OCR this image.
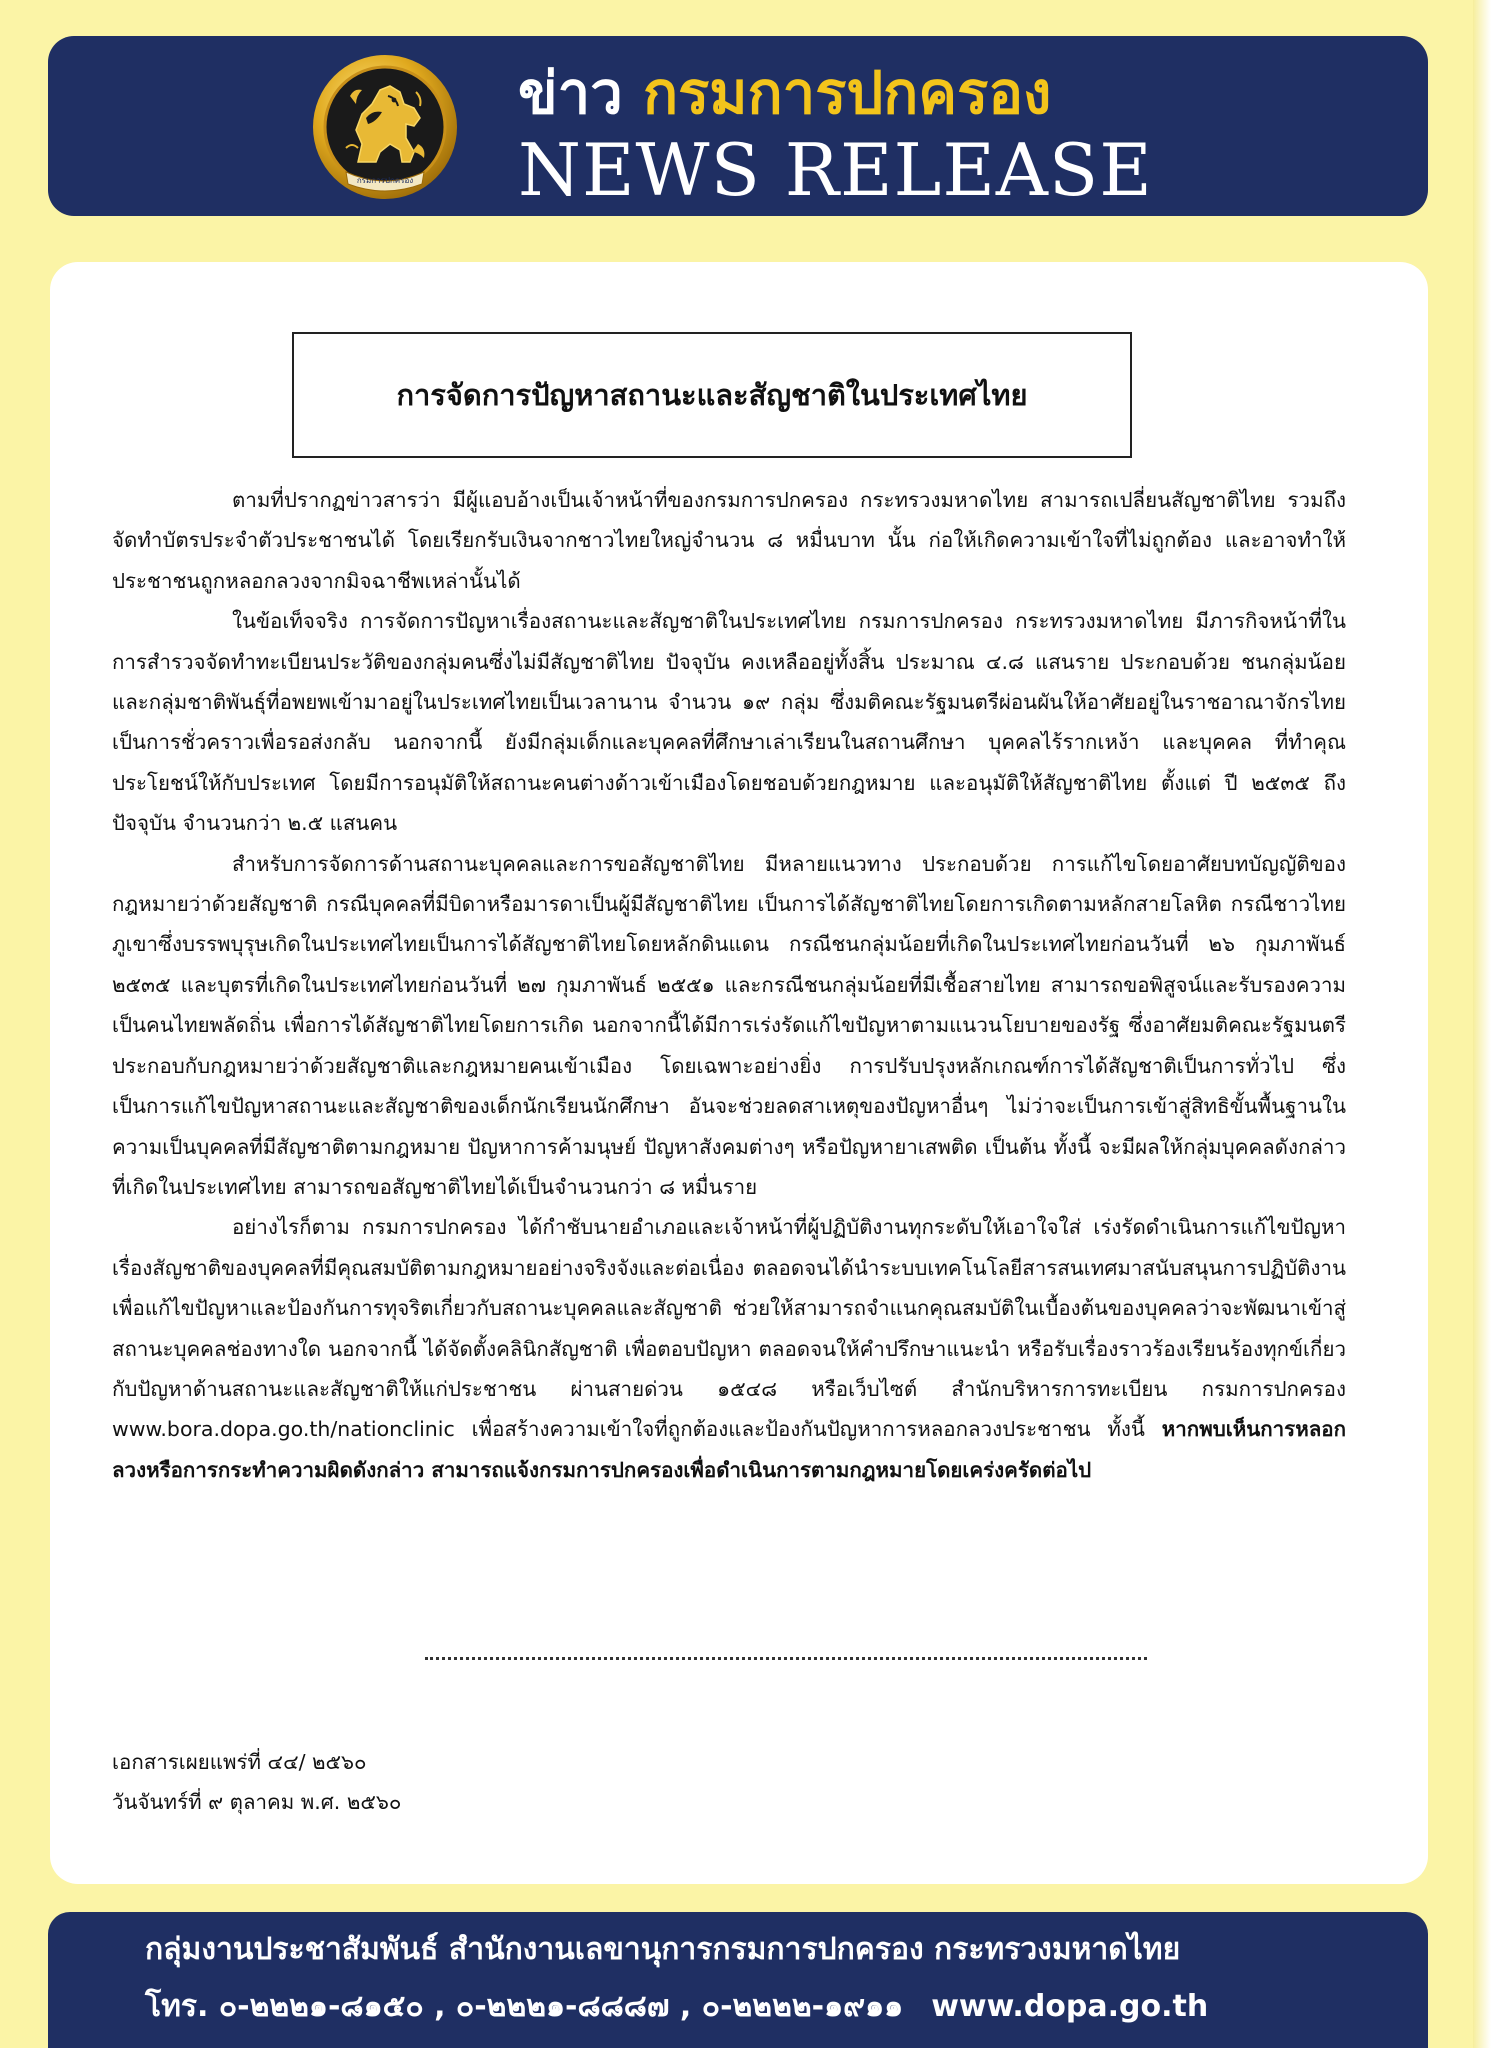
กรมการปกครอง
ข่าว กรมการปกครอง
NEWS RELEASE
การจัดการปัญหาสถานะและสัญชาติในประเทศไทย

ตามที่ปรากฏข่าวสารว่า มีผู้แอบอ้างเป็นเจ้าหน้าที่ของกรมการปกครอง กระทรวงมหาดไทย สามารถเปลี่ยนสัญชาติไทย รวมถึงจัดทำบัตรประจำตัวประชาชนได้ โดยเรียกรับเงินจากชาวไทยใหญ่จำนวน ๘ หมื่นบาท นั้น ก่อให้เกิดความเข้าใจที่ไม่ถูกต้อง และอาจทำให้ประชาชนถูกหลอกลวงจากมิจฉาชีพเหล่านั้นได้

ในข้อเท็จจริง การจัดการปัญหาเรื่องสถานะและสัญชาติในประเทศไทย กรมการปกครอง กระทรวงมหาดไทย มีภารกิจหน้าที่ในการสำรวจจัดทำทะเบียนประวัติของกลุ่มคนซึ่งไม่มีสัญชาติไทย ปัจจุบัน คงเหลืออยู่ทั้งสิ้น ประมาณ ๔.๘ แสนราย ประกอบด้วย ชนกลุ่มน้อยและกลุ่มชาติพันธุ์ที่อพยพเข้ามาอยู่ในประเทศไทยเป็นเวลานาน จำนวน ๑๙ กลุ่ม ซึ่งมติคณะรัฐมนตรีผ่อนผันให้อาศัยอยู่ในราชอาณาจักรไทยเป็นการชั่วคราวเพื่อรอส่งกลับ นอกจากนี้ ยังมีกลุ่มเด็กและบุคคลที่ศึกษาเล่าเรียนในสถานศึกษา บุคคลไร้รากเหง้า และบุคคล ที่ทำคุณประโยชน์ให้กับประเทศ โดยมีการอนุมัติให้สถานะคนต่างด้าวเข้าเมืองโดยชอบด้วยกฎหมาย และอนุมัติให้สัญชาติไทย ตั้งแต่ ปี ๒๕๓๕ ถึงปัจจุบัน จำนวนกว่า ๒.๕ แสนคน

สำหรับการจัดการด้านสถานะบุคคลและการขอสัญชาติไทย มีหลายแนวทาง ประกอบด้วย การแก้ไขโดยอาศัยบทบัญญัติของกฎหมายว่าด้วยสัญชาติ กรณีบุคคลที่มีบิดาหรือมารดาเป็นผู้มีสัญชาติไทย เป็นการได้สัญชาติไทยโดยการเกิดตามหลักสายโลหิต กรณีชาวไทยภูเขาซึ่งบรรพบุรุษเกิดในประเทศไทยเป็นการได้สัญชาติไทยโดยหลักดินแดน กรณีชนกลุ่มน้อยที่เกิดในประเทศไทยก่อนวันที่ ๒๖ กุมภาพันธ์ ๒๕๓๕ และบุตรที่เกิดในประเทศไทยก่อนวันที่ ๒๗ กุมภาพันธ์ ๒๕๕๑ และกรณีชนกลุ่มน้อยที่มีเชื้อสายไทย สามารถขอพิสูจน์และรับรองความเป็นคนไทยพลัดถิ่น เพื่อการได้สัญชาติไทยโดยการเกิด นอกจากนี้ได้มีการเร่งรัดแก้ไขปัญหาตามแนวนโยบายของรัฐ ซึ่งอาศัยมติคณะรัฐมนตรีประกอบกับกฎหมายว่าด้วยสัญชาติและกฎหมายคนเข้าเมือง โดยเฉพาะอย่างยิ่ง การปรับปรุงหลักเกณฑ์การได้สัญชาติเป็นการทั่วไป ซึ่งเป็นการแก้ไขปัญหาสถานะและสัญชาติของเด็กนักเรียนนักศึกษา อันจะช่วยลดสาเหตุของปัญหาอื่นๆ ไม่ว่าจะเป็นการเข้าสู่สิทธิขั้นพื้นฐานในความเป็นบุคคลที่มีสัญชาติตามกฎหมาย ปัญหาการค้ามนุษย์ ปัญหาสังคมต่างๆ หรือปัญหายาเสพติด เป็นต้น ทั้งนี้ จะมีผลให้กลุ่มบุคคลดังกล่าวที่เกิดในประเทศไทย สามารถขอสัญชาติไทยได้เป็นจำนวนกว่า ๘ หมื่นราย

อย่างไรก็ตาม กรมการปกครอง ได้กำชับนายอำเภอและเจ้าหน้าที่ผู้ปฏิบัติงานทุกระดับให้เอาใจใส่ เร่งรัดดำเนินการแก้ไขปัญหาเรื่องสัญชาติของบุคคลที่มีคุณสมบัติตามกฎหมายอย่างจริงจังและต่อเนื่อง ตลอดจนได้นำระบบเทคโนโลยีสารสนเทศมาสนับสนุนการปฏิบัติงาน เพื่อแก้ไขปัญหาและป้องกันการทุจริตเกี่ยวกับสถานะบุคคลและสัญชาติ ช่วยให้สามารถจำแนกคุณสมบัติในเบื้องต้นของบุคคลว่าจะพัฒนาเข้าสู่สถานะบุคคลช่องทางใด นอกจากนี้ ได้จัดตั้งคลินิกสัญชาติ เพื่อตอบปัญหา ตลอดจนให้คำปรึกษาแนะนำ หรือรับเรื่องราวร้องเรียนร้องทุกข์เกี่ยวกับปัญหาด้านสถานะและสัญชาติให้แก่ประชาชน ผ่านสายด่วน ๑๕๔๘ หรือเว็บไซต์ สำนักบริหารการทะเบียน กรมการปกครอง www.bora.dopa.go.th/nationclinic เพื่อสร้างความเข้าใจที่ถูกต้องและป้องกันปัญหาการหลอกลวงประชาชน ทั้งนี้ หากพบเห็นการหลอกลวงหรือการกระทำความผิดดังกล่าว สามารถแจ้งกรมการปกครองเพื่อดำเนินการตามกฎหมายโดยเคร่งครัดต่อไป

เอกสารเผยแพร่ที่ ๔๔/ ๒๕๖๐
วันจันทร์ที่ ๙ ตุลาคม พ.ศ. ๒๕๖๐
กลุ่มงานประชาสัมพันธ์ สำนักงานเลขานุการกรมการปกครอง กระทรวงมหาดไทย
โทร. ๐-๒๒๒๑-๘๑๕๐ , ๐-๒๒๒๑-๘๘๘๗ , ๐-๒๒๒๒-๑๙๑๑ www.dopa.go.th
